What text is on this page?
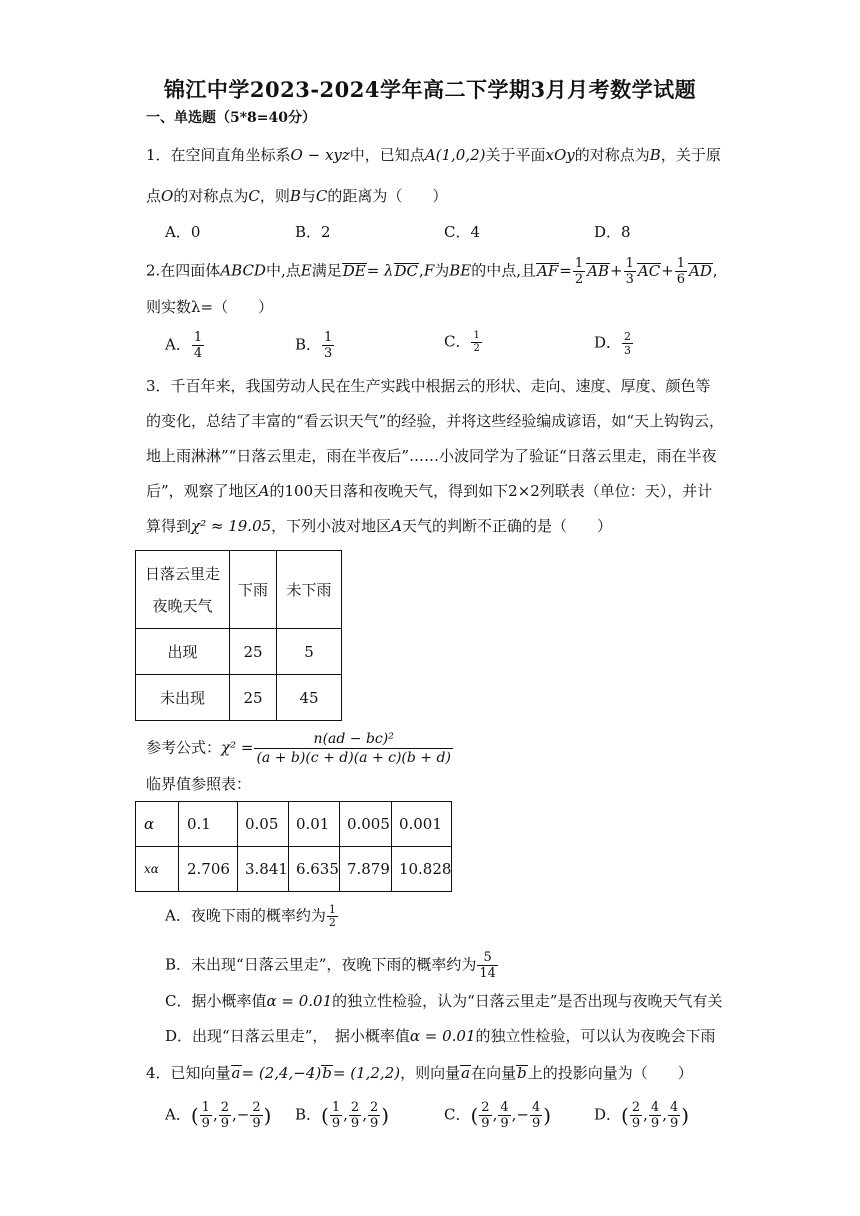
锦江中学2023-2024学年高二下学期3月月考数学试题
一、单选题（5*8=40分）
1．在空间直角坐标系O − xyz中，已知点A(1,0,2)关于平面xOy的对称点为B，关于原
点O的对称点为C，则B与C的距离为（　　）
A．0	B．2	C．4	D．8
2.在四面体ABCD中,点E满足DE= λDC,F为BE的中点,且$AF= \frac{1}{2} AB+ \frac{1}{3} AC+ \frac{1}{6}$ AD,
则实数λ=（　　）
A． $\frac{1}{4}$	B． $\frac{1}{3}$	C． $\frac{1}{2}$	D． $\frac{2}{3}$
3．千百年来，我国劳动人民在生产实践中根据云的形状、走向、速度、厚度、颜色等
的变化，总结了丰富的“看云识天气”的经验，并将这些经验编成谚语，如“天上钩钩云，
地上雨淋淋”“日落云里走，雨在半夜后”……小波同学为了验证“日落云里走，雨在半夜
后”，观察了地区A的100天日落和夜晚天气，得到如下2×2列联表（单位：天），并计
算得到χ² ≈ 19.05，下列小波对地区A天气的判断不正确的是（　　）
日落云里走
夜晚天气	下雨	未下雨
出现	25	5
未出现	25	45
参考公式：$\chi^2 = \frac{\text{n(ad − bc)²}}{(a + b)(c + d)(a + c)(b + d)}$
临界值参照表：
α	0.1	0.05	0.01	0.005	0.001
xα	2.706	3.841	6.635	7.879	10.828
A．夜晚下雨的概率约为 $\frac{1}{2}$
B．未出现“日落云里走”，夜晚下雨的概率约为 $\frac{5}{14}$
C．据小概率值α = 0.01的独立性检验，认为“日落云里走”是否出现与夜晚天气有关
D．出现“日落云里走”，　据小概率值α = 0.01的独立性检验，可以认为夜晚会下雨
4．已知向量a= (2,4,−4)b= (1,2,2)，则向量a在向量b上的投影向量为（　　）
A．( $\frac{1}{9}$ , $\frac{2}{9}$ ,− $\frac{2}{9}$ ) B．( $\frac{1}{9}$ , $\frac{2}{9}$ , $\frac{2}{9}$ )	C．( $\frac{2}{9}$ , $\frac{4}{9}$ ,− $\frac{4}{9}$ )	D．( $\frac{2}{9}$ , $\frac{4}{9}$ , $\frac{4}{9}$ )
